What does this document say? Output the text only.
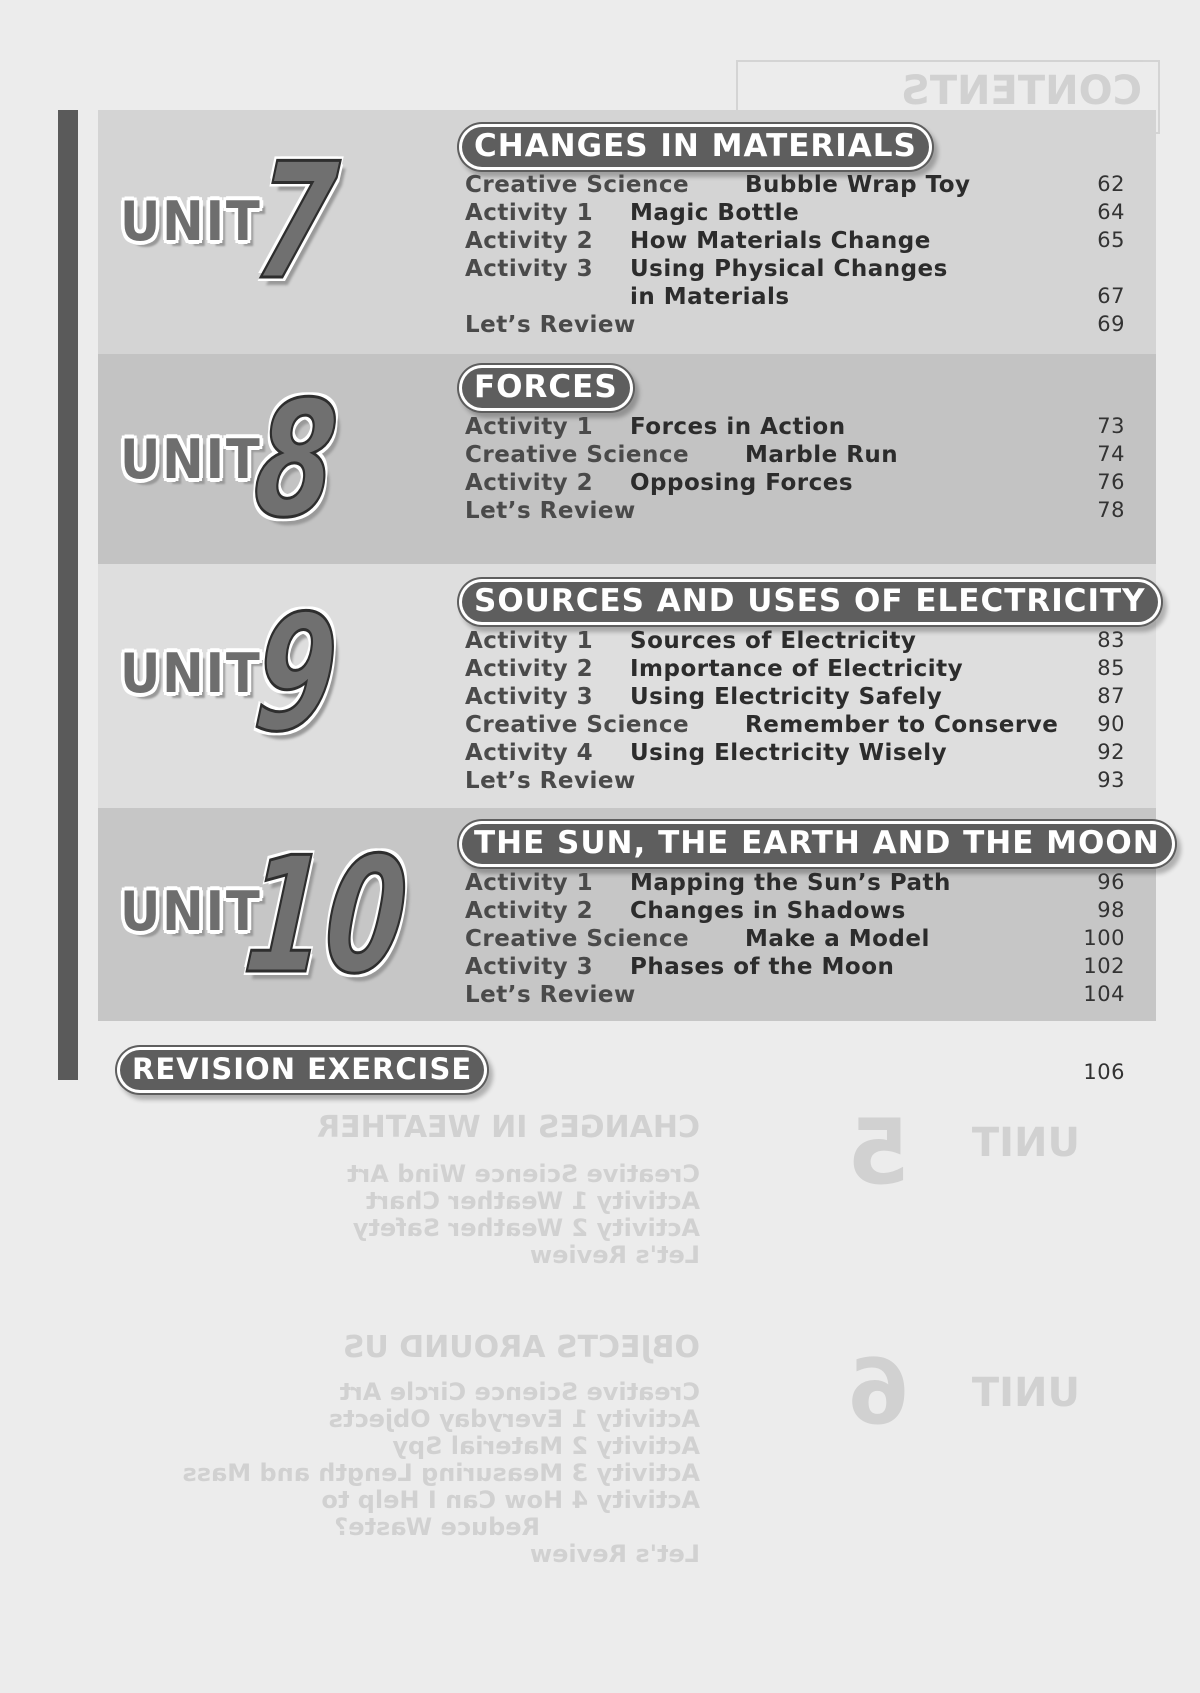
CONTENTS
UNIT
5
UNIT
6
CHANGES IN WEATHER
OBJECTS AROUND US
Creative Science Wind Art
Activity 1 Weather Chart
Activity 2 Weather Safety
Let's Review
Creative Science Circle Art
Activity 1 Everyday Objects
Activity 2 Material Spy
Activity 3 Measuring Length and Mass
Activity 4 How Can I Help to
Reduce Waste?
Let's Review
UNIT
7	CHANGES IN MATERIALS
Creative Science Bubble Wrap Toy	62
Activity 1 Magic Bottle	64
Activity 2 How Materials Change	65
Activity 3 Using Physical Changes
in Materials	67
Let’s Review	69
UNIT
8	FORCES
Activity 1 Forces in Action	73
Creative Science Marble Run	74
Activity 2 Opposing Forces	76
Let’s Review	78
UNIT
9	SOURCES AND USES OF ELECTRICITY
Activity 1 Sources of Electricity	83
Activity 2 Importance of Electricity	85
Activity 3 Using Electricity Safely	87
Creative Science Remember to Conserve	90
Activity 4 Using Electricity Wisely	92
Let’s Review	93
UNIT
10	THE SUN, THE EARTH AND THE MOON
Activity 1 Mapping the Sun’s Path	96
Activity 2 Changes in Shadows	98
Creative Science Make a Model	100
Activity 3 Phases of the Moon	102
Let’s Review	104
REVISION EXERCISE	106
